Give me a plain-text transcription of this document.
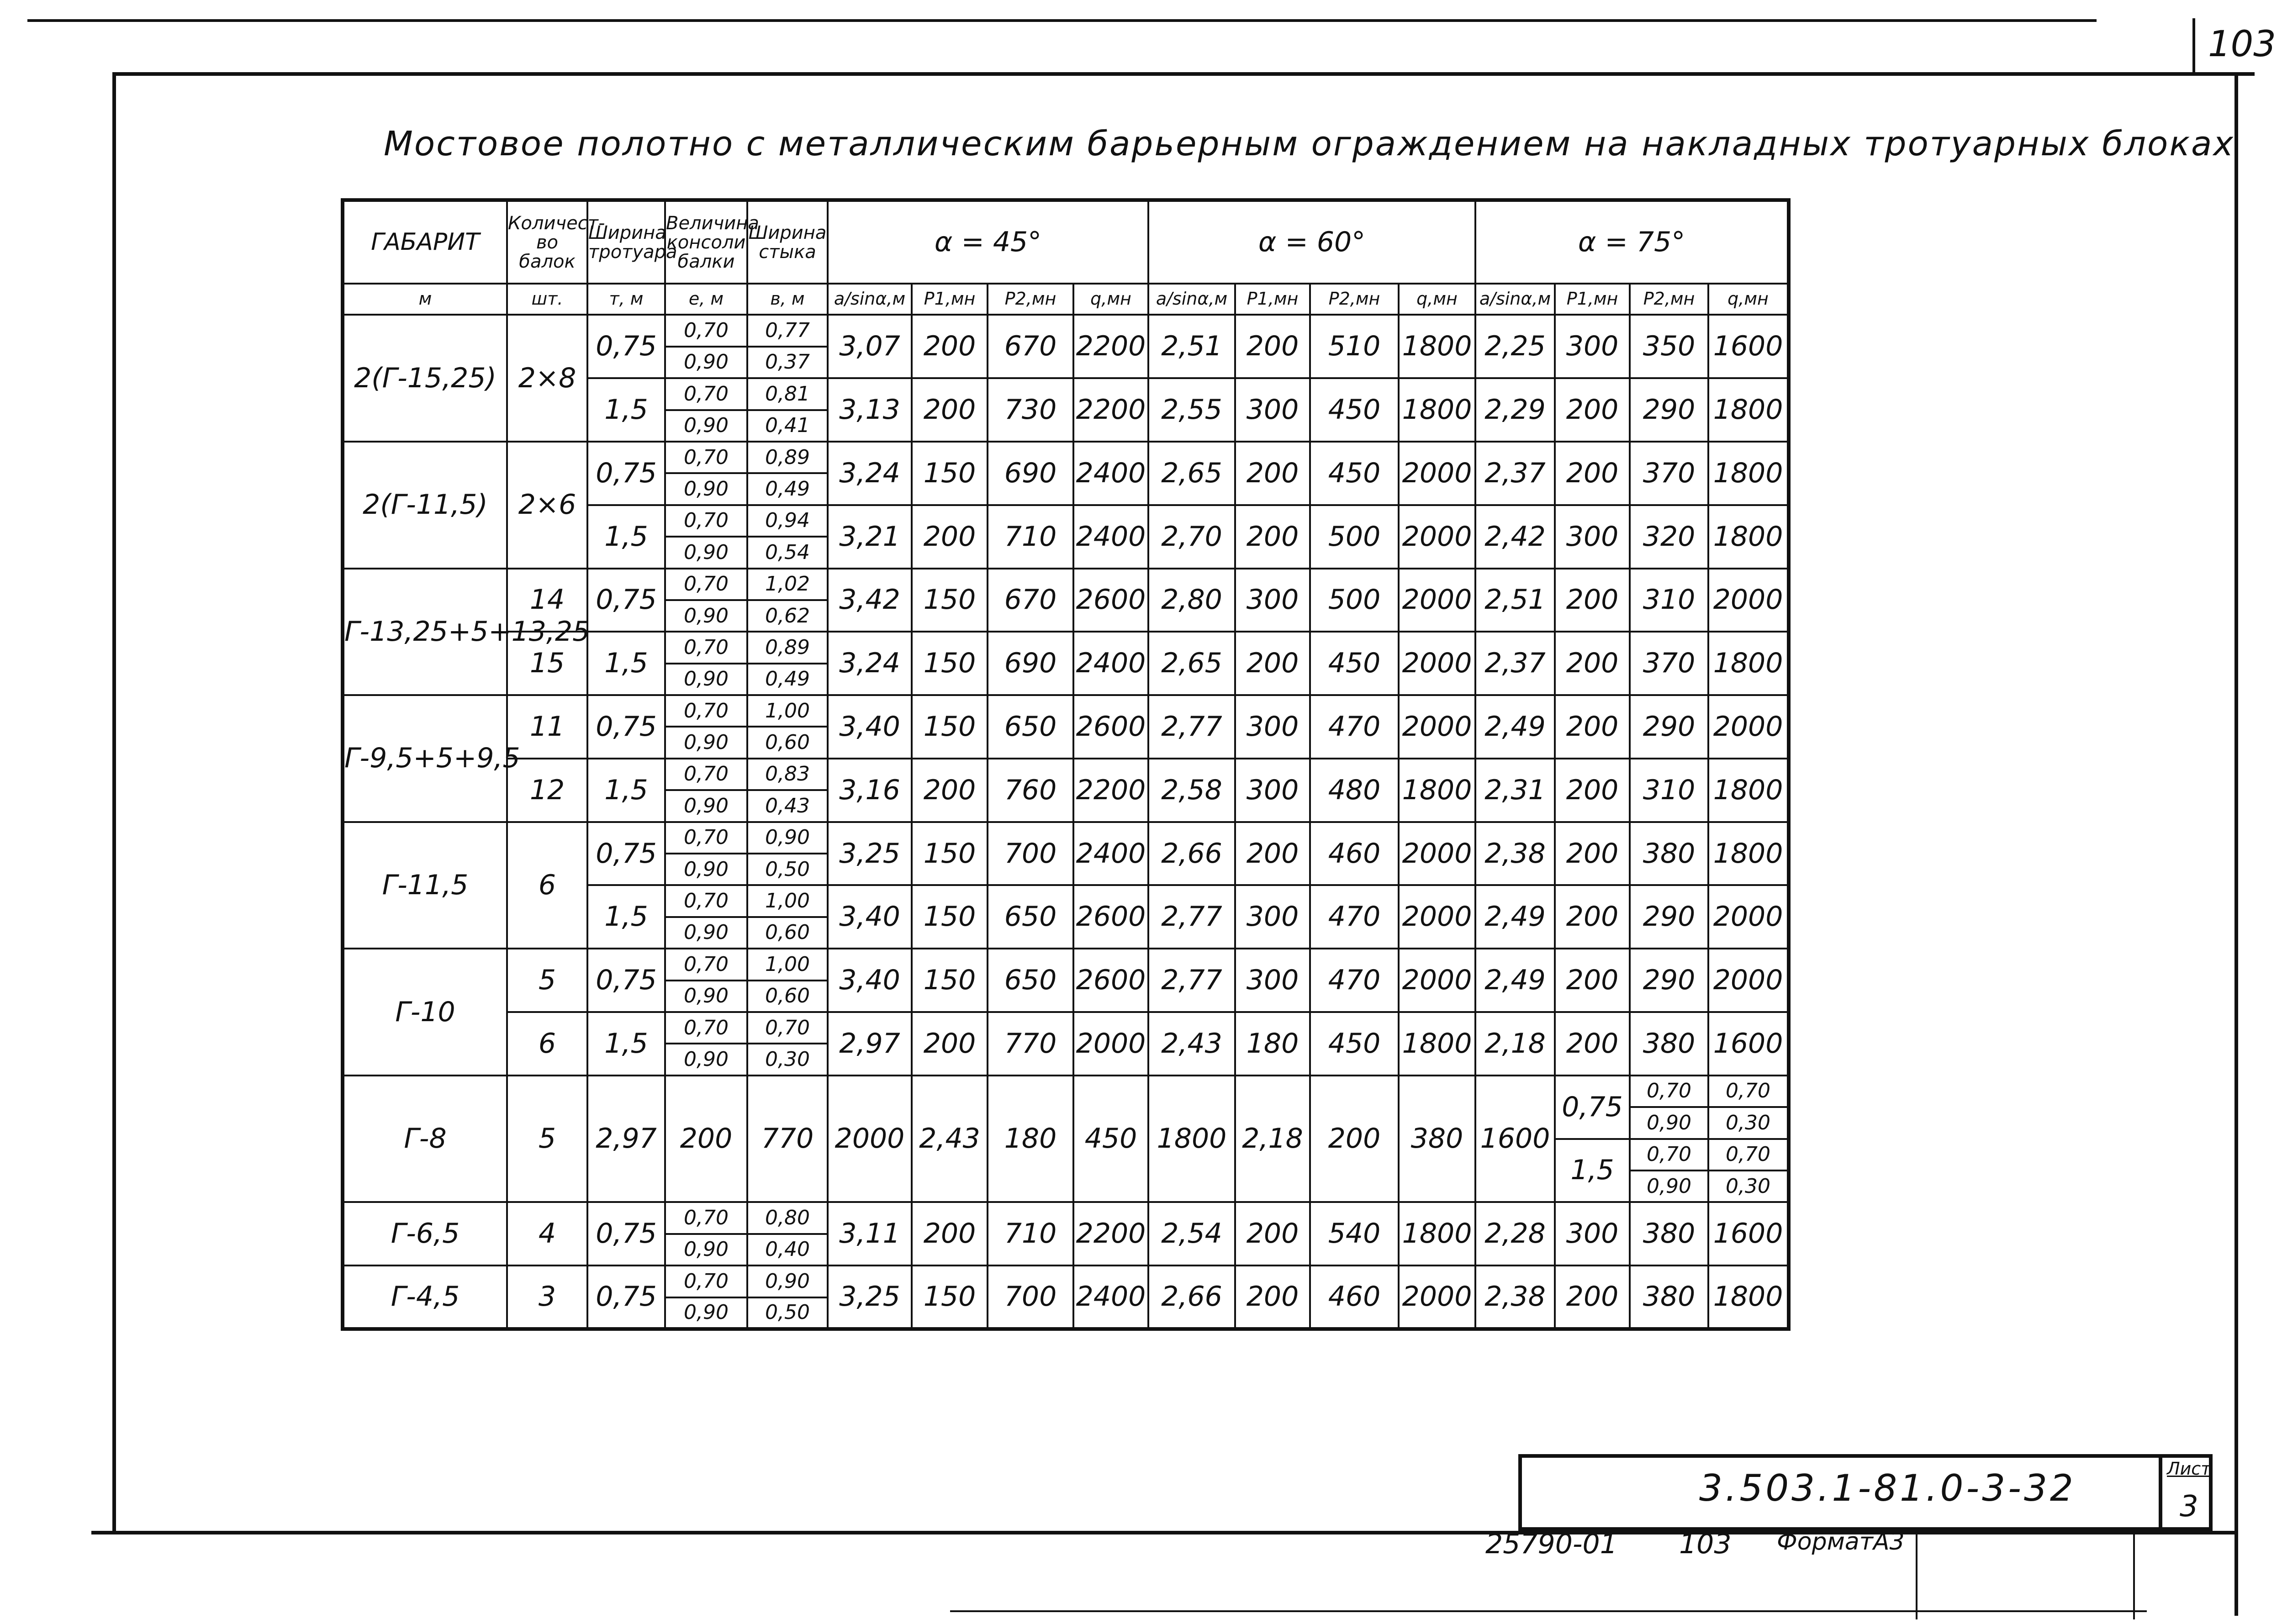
103
Мостовое полотно с металлическим барьерным ограждением на накладных тротуарных блоках
ГАБАРИТ	Количест-во балок	Ширина тротуара	Величина консоли балки	Ширина стыка	α = 45°				α = 60°				α = 75°			
м	шт.	т, м	е, м	в, м	a/sinα,м	P1,мн	P2,мн	q,мн	a/sinα,м	P1,мн	P2,мн	q,мн	a/sinα,м	P1,мн	P2,мн	q,мн
2(Г-15,25)	2×8	0,75	0,70	0,77	3,07	200	670	2200	2,51	200	510	1800	2,25	300	350	1600
			0,90	0,37												
		1,5	0,70	0,81	3,13	200	730	2200	2,55	300	450	1800	2,29	200	290	1800
			0,90	0,41												
2(Г-11,5)	2×6	0,75	0,70	0,89	3,24	150	690	2400	2,65	200	450	2000	2,37	200	370	1800
			0,90	0,49												
		1,5	0,70	0,94	3,21	200	710	2400	2,70	200	500	2000	2,42	300	320	1800
			0,90	0,54												
Г-13,25+5+13,25	14	0,75	0,70	1,02	3,42	150	670	2600	2,80	300	500	2000	2,51	200	310	2000
			0,90	0,62												
	15	1,5	0,70	0,89	3,24	150	690	2400	2,65	200	450	2000	2,37	200	370	1800
			0,90	0,49												
Г-9,5+5+9,5	11	0,75	0,70	1,00	3,40	150	650	2600	2,77	300	470	2000	2,49	200	290	2000
			0,90	0,60												
	12	1,5	0,70	0,83	3,16	200	760	2200	2,58	300	480	1800	2,31	200	310	1800
			0,90	0,43												
Г-11,5	6	0,75	0,70	0,90	3,25	150	700	2400	2,66	200	460	2000	2,38	200	380	1800
			0,90	0,50												
		1,5	0,70	1,00	3,40	150	650	2600	2,77	300	470	2000	2,49	200	290	2000
			0,90	0,60												
Г-10	5	0,75	0,70	1,00	3,40	150	650	2600	2,77	300	470	2000	2,49	200	290	2000
			0,90	0,60												
	6	1,5	0,70	0,70	2,97	200	770	2000	2,43	180	450	1800	2,18	200	380	1600
			0,90	0,30												
Г-8	5	2,97	200	770	2000	2,43	180	450	1800	2,18	200	380	1600	0,75	0,70	0,70
															0,90	0,30
														1,5	0,70	0,70
															0,90	0,30
Г-6,5	4	0,75	0,70	0,80	3,11	200	710	2200	2,54	200	540	1800	2,28	300	380	1600
			0,90	0,40												
Г-4,5	3	0,75	0,70	0,90	3,25	150	700	2400	2,66	200	460	2000	2,38	200	380	1800
			0,90	0,50												
3.503.1-81.0-3-32	Лист
3
25790-01 103 ФорматА3
